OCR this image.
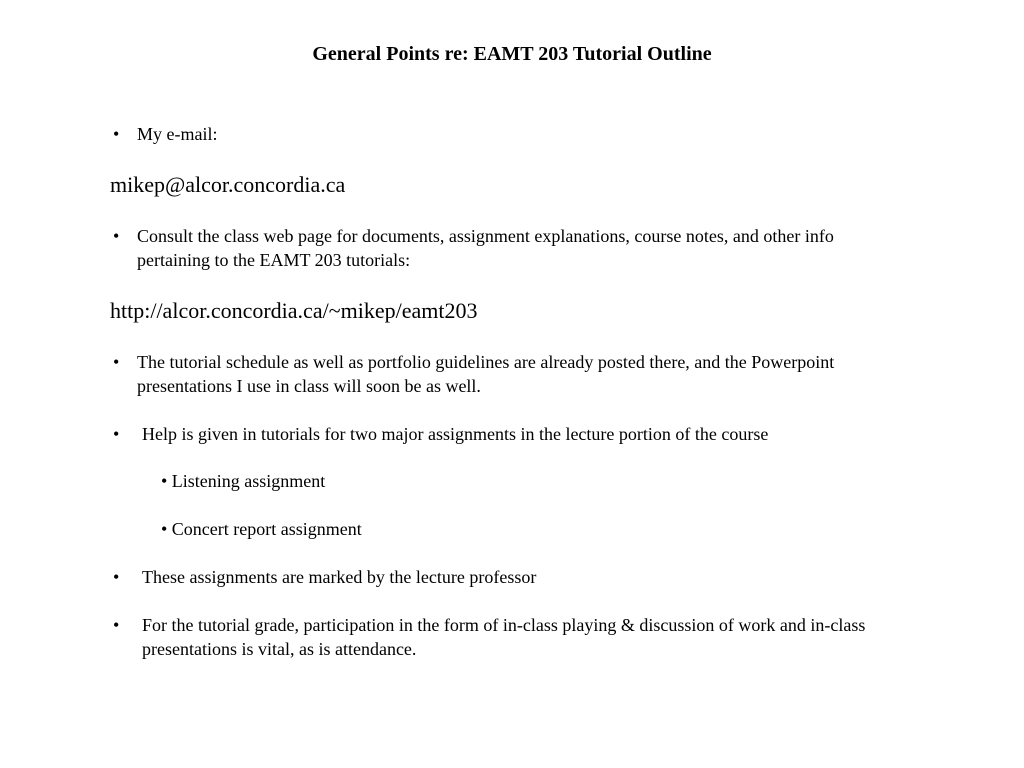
General Points re: EAMT 203 Tutorial Outline
• My e-mail:
mikep@alcor.concordia.ca
• Consult the class web page for documents, assignment explanations, course notes, and other info
pertaining to the EAMT 203 tutorials:
http://alcor.concordia.ca/~mikep/eamt203
• The tutorial schedule as well as portfolio guidelines are already posted there, and the Powerpoint
presentations I use in class will soon be as well.
• Help is given in tutorials for two major assignments in the lecture portion of the course
• Listening assignment
• Concert report assignment
• These assignments are marked by the lecture professor
• For the tutorial grade, participation in the form of in-class playing & discussion of work and in-class
presentations is vital, as is attendance.
